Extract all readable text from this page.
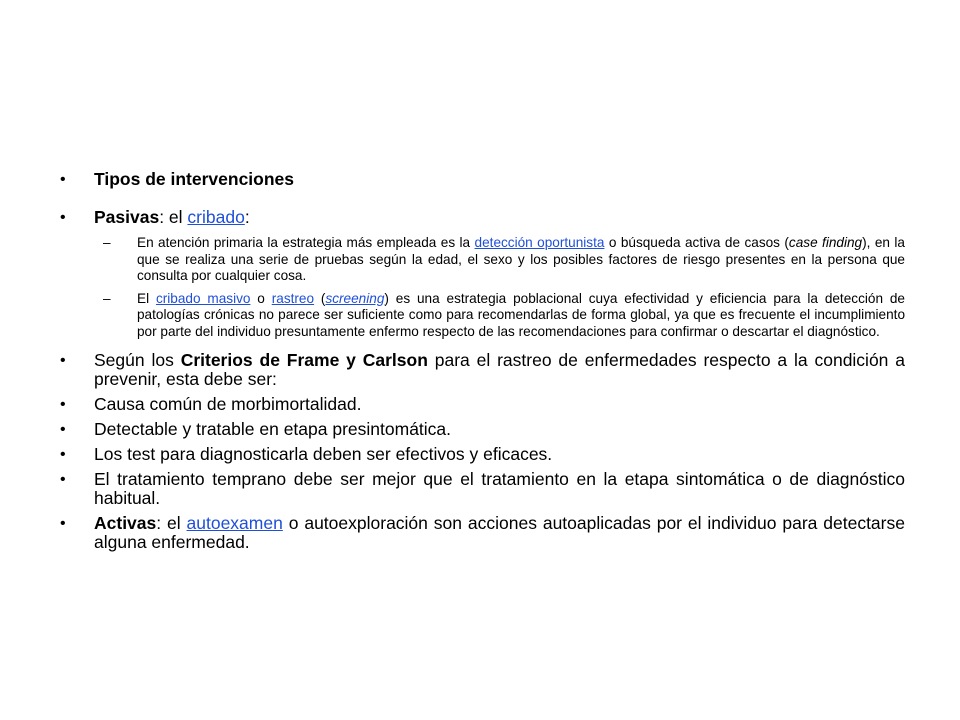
•	Tipos de intervenciones

•	Pasivas: el cribado:

– En atención primaria la estrategia más empleada es la detección oportunista o búsqueda activa de casos (case finding), en la que se realiza una serie de pruebas según la edad, el sexo y los posibles factores de riesgo presentes en la persona que consulta por cualquier cosa.

– El cribado masivo o rastreo (screening) es una estrategia poblacional cuya efectividad y eficiencia para la detección de patologías crónicas no parece ser suficiente como para recomendarlas de forma global, ya que es frecuente el incumplimiento por parte del individuo presuntamente enfermo respecto de las recomendaciones para confirmar o descartar el diagnóstico.

•	Según los Criterios de Frame y Carlson para el rastreo de enfermedades respecto a la condición a prevenir, esta debe ser:

•	Causa común de morbimortalidad.

•	Detectable y tratable en etapa presintomática.

•	Los test para diagnosticarla deben ser efectivos y eficaces.

•	El tratamiento temprano debe ser mejor que el tratamiento en la etapa sintomática o de diagnóstico habitual.

•	Activas: el autoexamen o autoexploración son acciones autoaplicadas por el individuo para detectarse alguna enfermedad.
